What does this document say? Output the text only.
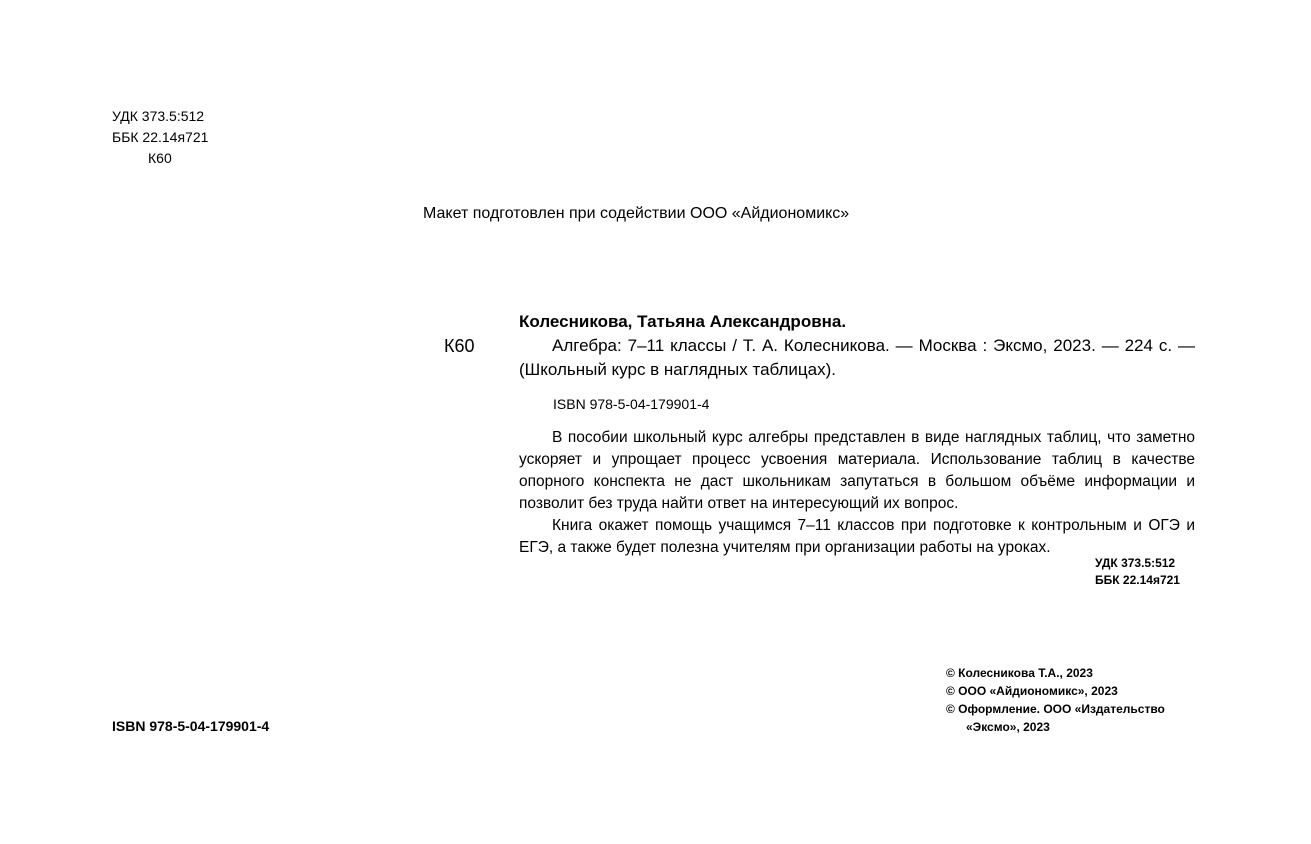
УДК 373.5:512
ББК 22.14я721
К60
Макет подготовлен при содействии ООО «Айдиономикс»
Колесникова, Татьяна Александровна.
К60	Алгебра: 7–11 классы / Т. А. Колесникова. — Москва : Эксмо, 2023. — 224 с. — (Школьный курс в наглядных таблицах).
ISBN 978-5-04-179901-4

В пособии школьный курс алгебры представлен в виде наглядных таблиц, что заметно ускоряет и упрощает процесс усвоения материала. Использование таблиц в качестве опорного конспекта не даст школьникам запутаться в большом объёме информации и позволит без труда найти ответ на интересующий их вопрос.

Книга окажет помощь учащимся 7–11 классов при подготовке к контрольным и ОГЭ и ЕГЭ, а также будет полезна учителям при организации работы на уроках.

УДК 373.5:512
ББК 22.14я721
ISBN 978-5-04-179901-4
© Колесникова Т.А., 2023
© ООО «Айдиономикс», 2023
© Оформление. ООО «Издательство
«Эксмо», 2023
